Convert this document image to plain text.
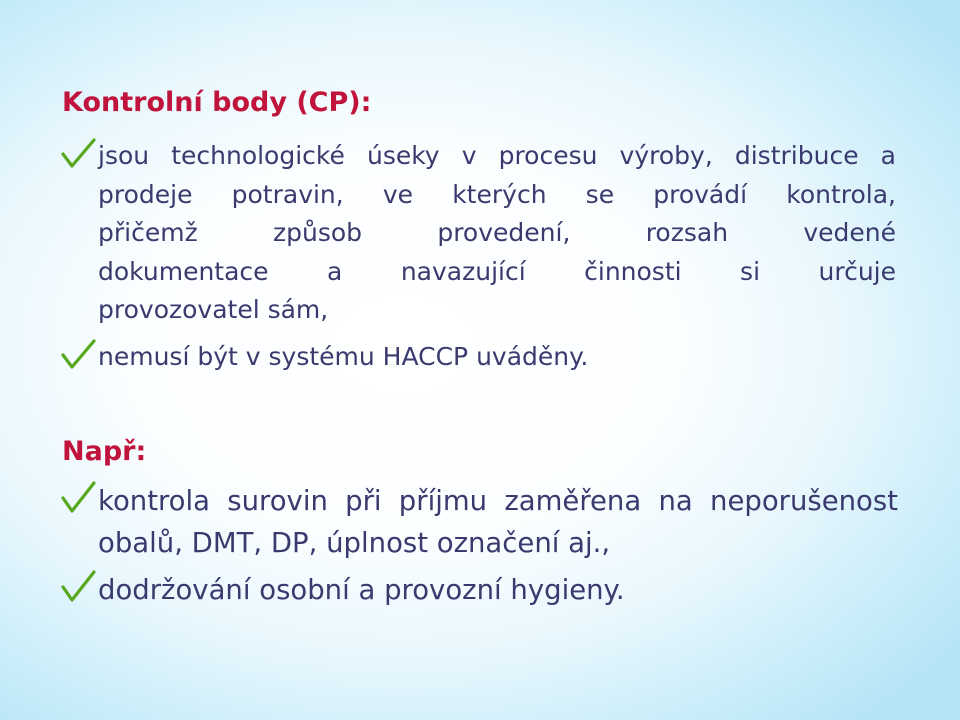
Kontrolní body (CP):
jsou technologické úseky v procesu výroby, distribuce a
prodeje potravin, ve kterých se provádí kontrola,
přičemž způsob provedení, rozsah vedené
dokumentace a navazující činnosti si určuje
provozovatel sám,
nemusí být v systému HACCP uváděny.
Např:
kontrola surovin při příjmu zaměřena na neporušenost
obalů, DMT, DP, úplnost označení aj.,
dodržování osobní a provozní hygieny.
